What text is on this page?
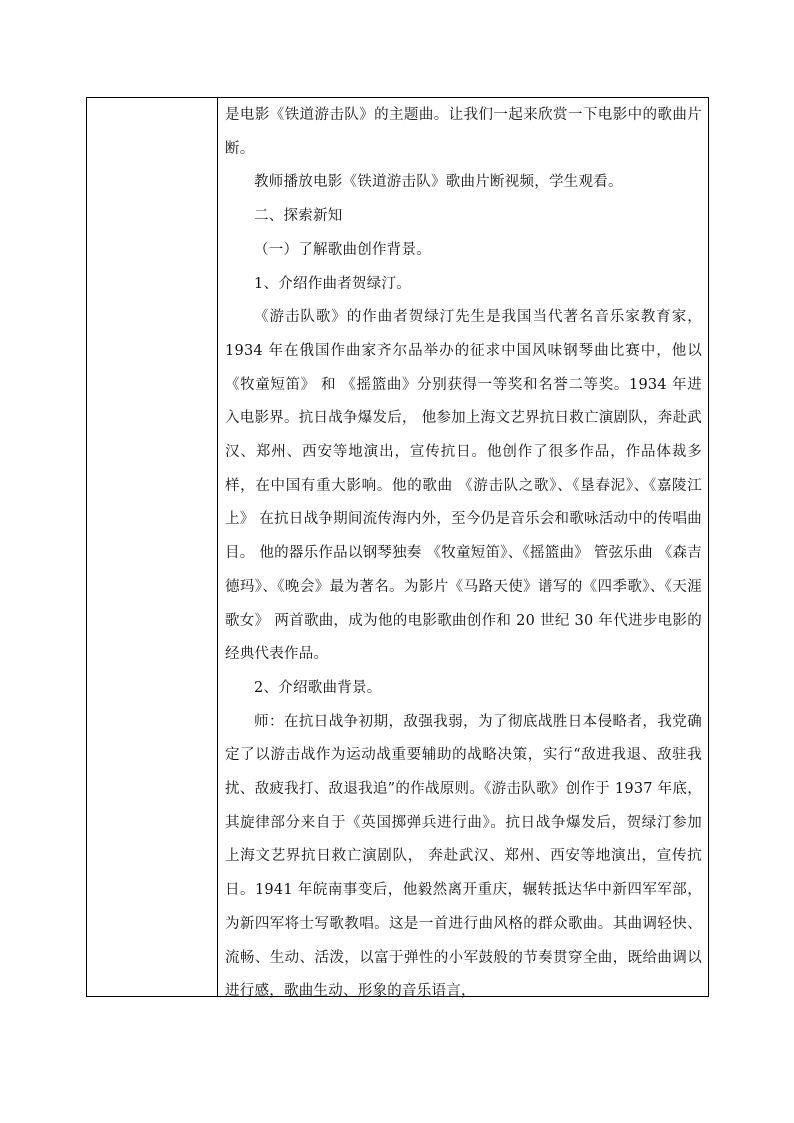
是电影《铁道游击队》的主题曲。让我们一起来欣赏一下电影中的歌曲片断。

教师播放电影《铁道游击队》歌曲片断视频，学生观看。

二、探索新知

（一）了解歌曲创作背景。

1、介绍作曲者贺绿汀。

《游击队歌》的作曲者贺绿汀先生是我国当代著名音乐家教育家，1934 年在俄国作曲家齐尔品举办的征求中国风味钢琴曲比赛中，他以《牧童短笛》 和 《摇篮曲》分别获得一等奖和名誉二等奖。1934 年进入电影界。抗日战争爆发后， 他参加上海文艺界抗日救亡演剧队，奔赴武汉、郑州、西安等地演出，宣传抗日。他创作了很多作品，作品体裁多样，在中国有重大影响。他的歌曲 《游击队之歌》、《垦春泥》、《嘉陵江上》 在抗日战争期间流传海内外，至今仍是音乐会和歌咏活动中的传唱曲目。 他的器乐作品以钢琴独奏 《牧童短笛》、《摇篮曲》 管弦乐曲 《森吉德玛》、《晚会》最为著名。为影片《马路天使》谱写的《四季歌》、《天涯歌女》 两首歌曲，成为他的电影歌曲创作和 20 世纪 30 年代进步电影的经典代表作品。

2、介绍歌曲背景。

师：在抗日战争初期，敌强我弱，为了彻底战胜日本侵略者，我党确定了以游击战作为运动战重要辅助的战略决策，实行“敌进我退、敌驻我扰、敌疲我打、敌退我追”的作战原则。《游击队歌》创作于 1937 年底，其旋律部分来自于《英国掷弹兵进行曲》。抗日战争爆发后，贺绿汀参加上海文艺界抗日救亡演剧队， 奔赴武汉、郑州、西安等地演出，宣传抗日。1941 年皖南事变后，他毅然离开重庆，辗转抵达华中新四军军部，为新四军将士写歌教唱。这是一首进行曲风格的群众歌曲。其曲调轻快、流畅、生动、活泼，以富于弹性的小军鼓般的节奏贯穿全曲，既给曲调以进行感，歌曲生动、形象的音乐语言，
